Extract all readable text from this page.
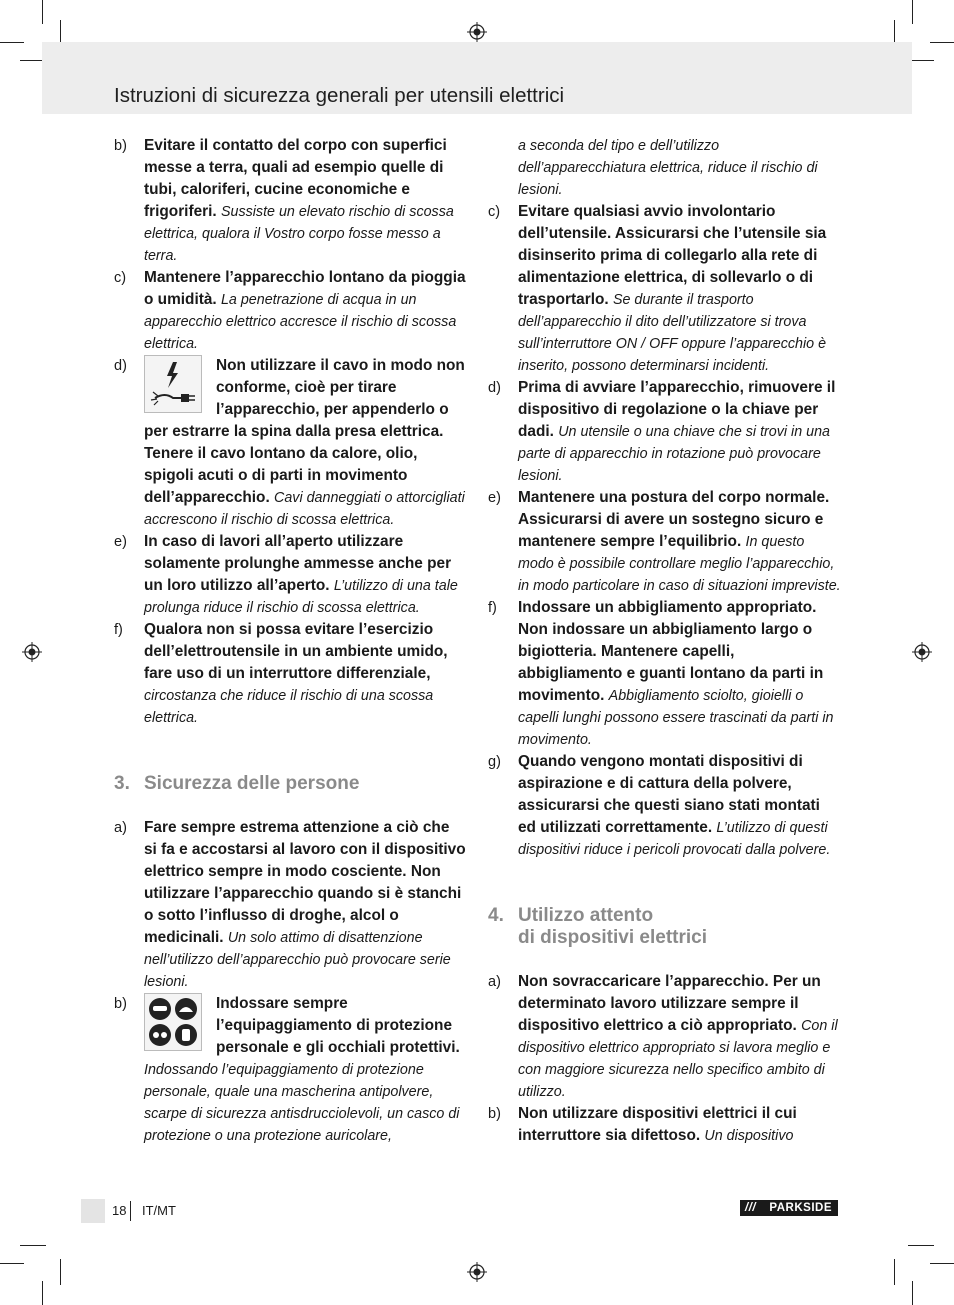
Istruzioni di sicurezza generali per utensili elettrici
b) Evitare il contatto del corpo con superfici messe a terra, quali ad esempio quelle di tubi, caloriferi, cucine economiche e frigoriferi. Sussiste un elevato rischio di scossa elettrica, qualora il Vostro corpo fosse messo a terra.
c) Mantenere l’apparecchio lontano da pioggia o umidità. La penetrazione di acqua in un apparecchio elettrico accresce il rischio di scossa elettrica.
d)	Non utilizzare il cavo in modo non conforme, cioè per tirare l’apparecchio, per appenderlo o per estrarre la spina dalla presa elettrica. Tenere il cavo lontano da calore, olio, spigoli acuti o di parti in movimento dell’apparecchio. Cavi danneggiati o attorcigliati accrescono il rischio di scossa elettrica.
e) In caso di lavori all’aperto utilizzare solamente prolunghe ammesse anche per un loro utilizzo all’aperto. L’utilizzo di una tale prolunga riduce il rischio di scossa elettrica.
f) Qualora non si possa evitare l’esercizio dell’elettroutensile in un ambiente umido, fare uso di un interruttore differenziale, circostanza che riduce il rischio di una scossa elettrica.
3. Sicurezza delle persone
a) Fare sempre estrema attenzione a ciò che si fa e accostarsi al lavoro con il dispositivo elettrico sempre in modo cosciente. Non utilizzare l’apparecchio quando si è stanchi o sotto l’influsso di droghe, alcol o medicinali. Un solo attimo di disattenzione nell’utilizzo dell’apparecchio può provocare serie lesioni.
b)	Indossare sempre l’equipaggiamento di protezione personale e gli occhiali protettivi. Indossando l’equipaggiamento di protezione personale, quale una mascherina antipolvere, scarpe di sicurezza antisdrucciolevoli, un casco di protezione o una protezione auricolare,
a seconda del tipo e dell’utilizzo dell’apparecchiatura elettrica, riduce il rischio di lesioni.
c) Evitare qualsiasi avvio involontario dell’utensile. Assicurarsi che l’utensile sia disinserito prima di collegarlo alla rete di alimentazione elettrica, di sollevarlo o di trasportarlo. Se durante il trasporto dell’apparecchio il dito dell’utilizzatore si trova sull’interruttore ON / OFF oppure l’apparecchio è inserito, possono determinarsi incidenti.
d) Prima di avviare l’apparecchio, rimuovere il dispositivo di regolazione o la chiave per dadi. Un utensile o una chiave che si trovi in una parte di apparecchio in rotazione può provocare lesioni.
e) Mantenere una postura del corpo normale. Assicurarsi di avere un sostegno sicuro e mantenere sempre l’equilibrio. In questo modo è possibile controllare meglio l’apparecchio, in modo particolare in caso di situazioni impreviste.
f) Indossare un abbigliamento appropriato. Non indossare un abbigliamento largo o bigiotteria. Mantenere capelli, abbigliamento e guanti lontano da parti in movimento. Abbigliamento sciolto, gioielli o capelli lunghi possono essere trascinati da parti in movimento.
g) Quando vengono montati dispositivi di aspirazione e di cattura della polvere, assicurarsi che questi siano stati montati ed utilizzati correttamente. L’utilizzo di questi dispositivi riduce i pericoli provocati dalla polvere.
4. Utilizzo attento
di dispositivi elettrici
a) Non sovraccaricare l’apparecchio. Per un determinato lavoro utilizzare sempre il dispositivo elettrico a ciò appropriato. Con il dispositivo elettrico appropriato si lavora meglio e con maggiore sicurezza nello specifico ambito di utilizzo.
b) Non utilizzare dispositivi elettrici il cui interruttore sia difettoso. Un dispositivo
18 IT/MT	/// PARKSIDE
